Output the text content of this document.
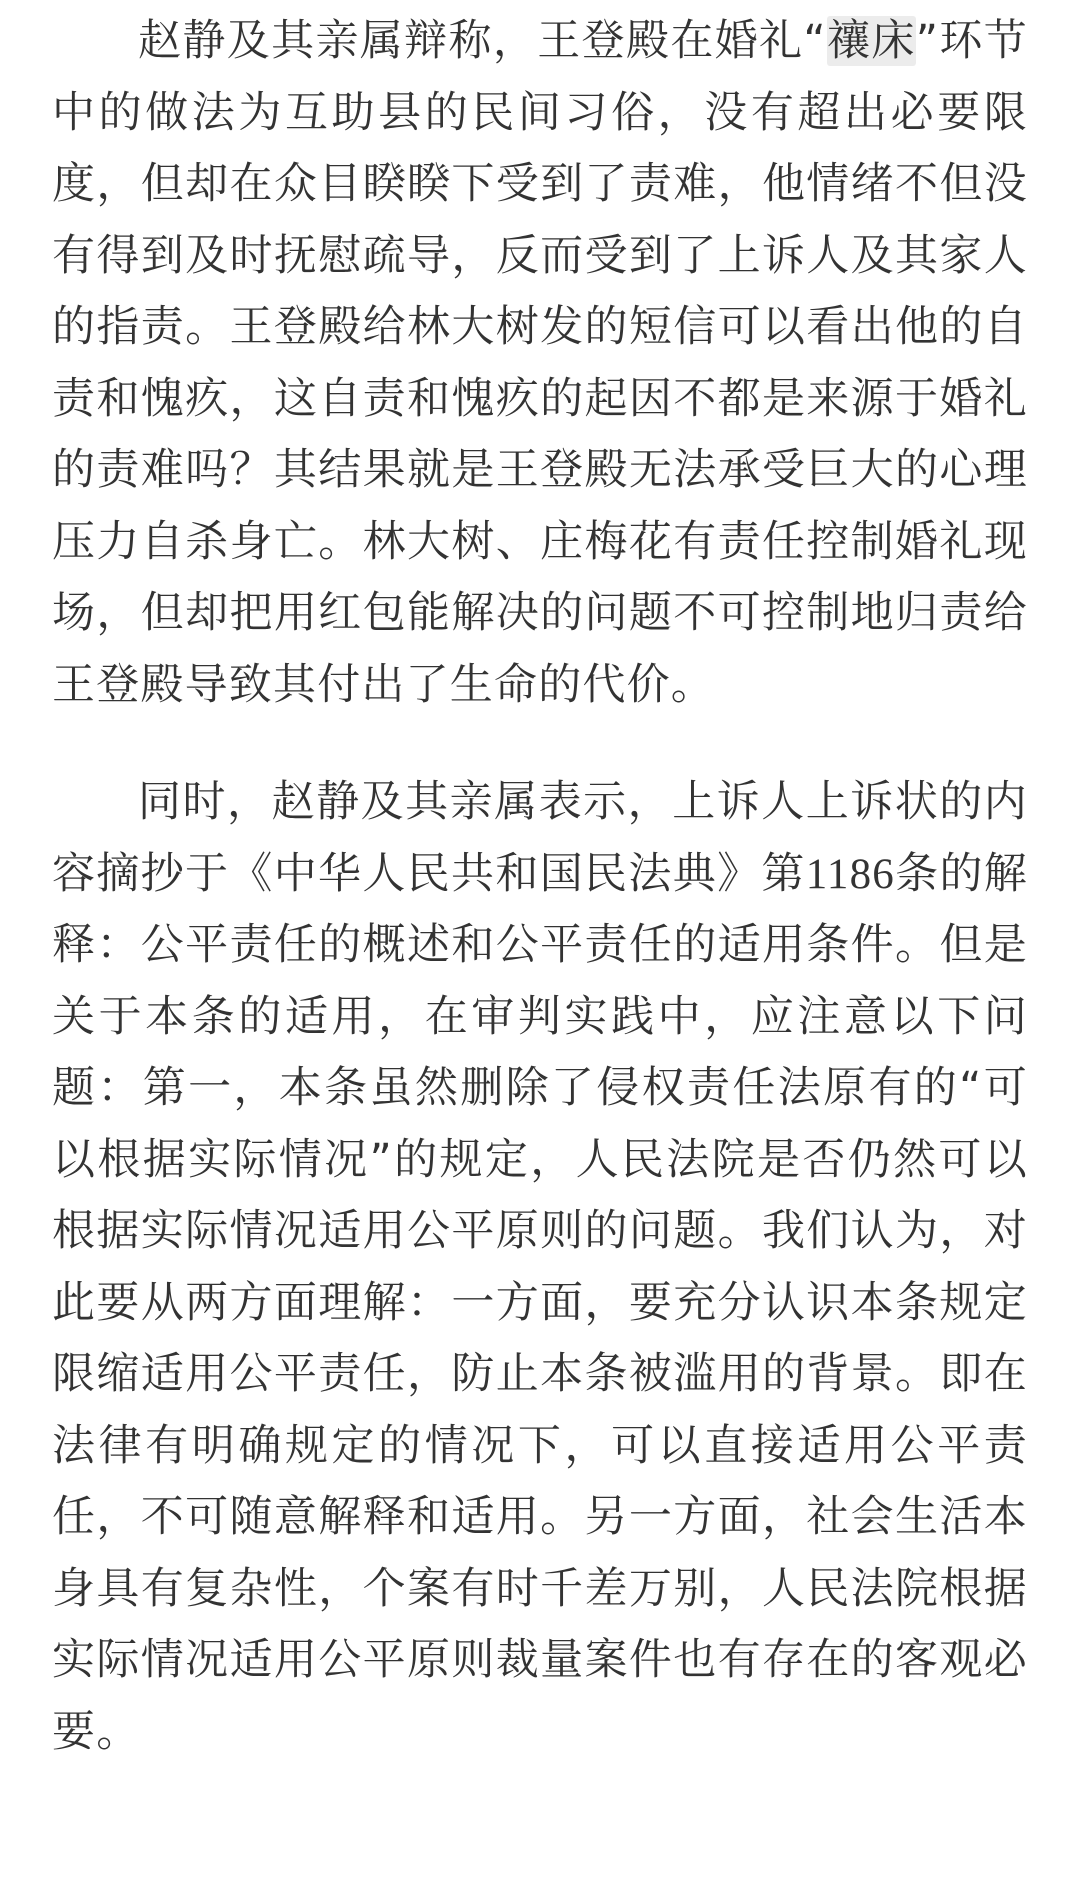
赵静及其亲属辩称，王登殿在婚礼“禳床”环节中的做法为互助县的民间习俗，没有超出必要限度，但却在众目睽睽下受到了责难，他情绪不但没有得到及时抚慰疏导，反而受到了上诉人及其家人的指责。王登殿给林大树发的短信可以看出他的自责和愧疚，这自责和愧疚的起因不都是来源于婚礼的责难吗？其结果就是王登殿无法承受巨大的心理压力自杀身亡。林大树、庄梅花有责任控制婚礼现场，但却把用红包能解决的问题不可控制地归责给王登殿导致其付出了生命的代价。

同时，赵静及其亲属表示，上诉人上诉状的内容摘抄于《中华人民共和国民法典》第1186条的解释：公平责任的概述和公平责任的适用条件。但是关于本条的适用，在审判实践中，应注意以下问题：第一，本条虽然删除了侵权责任法原有的“可以根据实际情况”的规定，人民法院是否仍然可以根据实际情况适用公平原则的问题。我们认为，对此要从两方面理解：一方面，要充分认识本条规定限缩适用公平责任，防止本条被滥用的背景。即在法律有明确规定的情况下，可以直接适用公平责任，不可随意解释和适用。另一方面，社会生活本身具有复杂性，个案有时千差万别，人民法院根据实际情况适用公平原则裁量案件也有存在的客观必要。
